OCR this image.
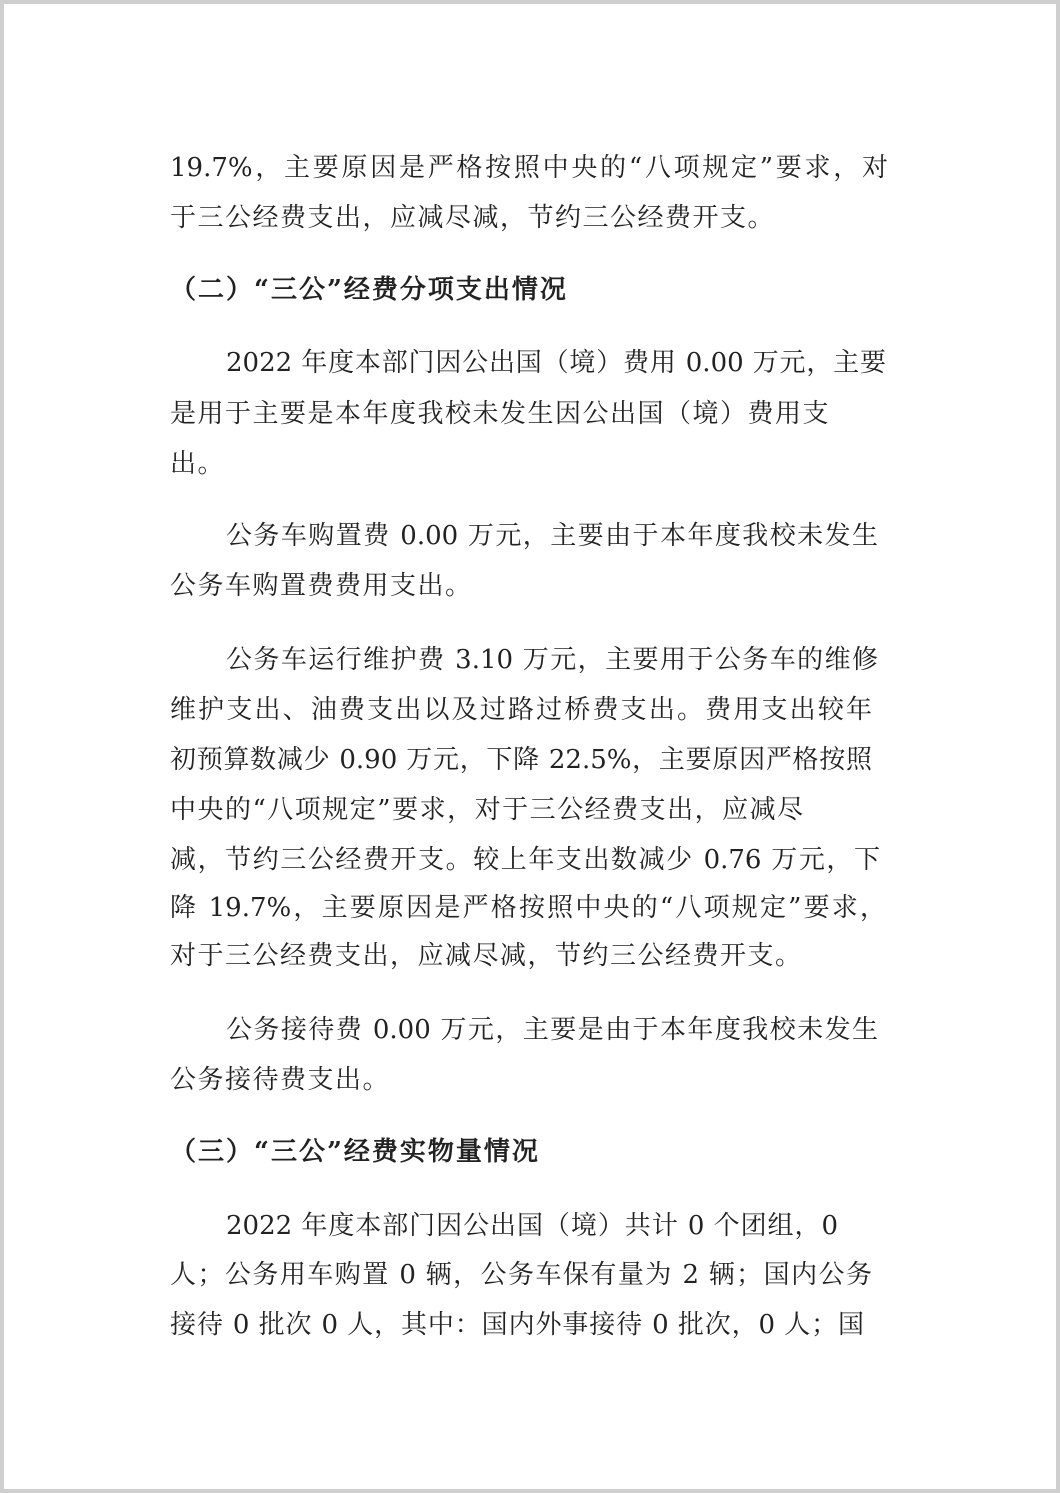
19.7%，主要原因是严格按照中央的“八项规定”要求，对

于三公经费支出，应减尽减，节约三公经费开支。

（二）“三公”经费分项支出情况

2022 年度本部门因公出国（境）费用 0.00 万元，主要

是用于主要是本年度我校未发生因公出国（境）费用支

出。

公务车购置费 0.00 万元，主要由于本年度我校未发生

公务车购置费费用支出。

公务车运行维护费 3.10 万元，主要用于公务车的维修

维护支出、油费支出以及过路过桥费支出。费用支出较年

初预算数减少 0.90 万元，下降 22.5%，主要原因严格按照

中央的“八项规定”要求，对于三公经费支出，应减尽

减，节约三公经费开支。较上年支出数减少 0.76 万元，下

降 19.7%，主要原因是严格按照中央的“八项规定”要求，

对于三公经费支出，应减尽减，节约三公经费开支。

公务接待费 0.00 万元，主要是由于本年度我校未发生

公务接待费支出。

（三）“三公”经费实物量情况

2022 年度本部门因公出国（境）共计 0 个团组，0

人；公务用车购置 0 辆，公务车保有量为 2 辆；国内公务

接待 0 批次 0 人，其中：国内外事接待 0 批次，0 人；国
